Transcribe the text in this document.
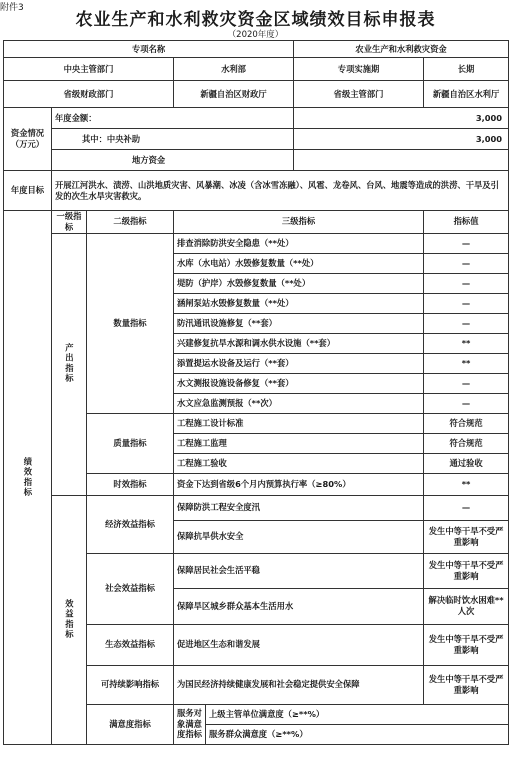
附件3
农业生产和水利救灾资金区域绩效目标申报表
（2020年度）
专项名称					农业生产和水利救灾资金		
中央主管部门			水利部		专项实施期	长期	
省级财政部门			新疆自治区财政厅		省级主管部门	新疆自治区水利厅	
资金情况（万元）	年度金额：				3,000		
	其中：中央补助				3,000		
	地方资金						
年度目标	开展江河洪水、渍涝、山洪地质灾害、风暴潮、冰凌（含冰雪冻融）、风雹、龙卷风、台风、地震等造成的洪涝、干旱及引发的次生水旱灾害救灾。						
绩效指标	一级指标	二级指标	三级指标			指标值	
	产出指标	数量指标	排查消除防洪安全隐患（**处）			—	
			水库（水电站）水毁修复数量（**处）			—	
			堤防（护岸）水毁修复数量（**处）			—	
			涵闸泵站水毁修复数量（**处）			—	
			防汛通讯设施修复（**套）			—	
			兴建修复抗旱水源和调水供水设施（**套）			**	
			添置提运水设备及运行（**套）			**	
			水文测报设施设备修复（**套）			—	
			水文应急监测预报（**次）			—	
		质量指标	工程施工设计标准			符合规范	
			工程施工监理			符合规范	
			工程施工验收			通过验收	
		时效指标	资金下达到省级6个月内预算执行率（≥80%）			**	
	效益指标	经济效益指标	保障防洪工程安全度汛			—	
			保障抗旱供水安全			发生中等干旱不受严重影响	
		社会效益指标	保障居民社会生活平稳			发生中等干旱不受严重影响	
			保障旱区城乡群众基本生活用水			解决临时饮水困难**人次	
		生态效益指标	促进地区生态和谐发展			发生中等干旱不受严重影响	
		可持续影响指标	为国民经济持续健康发展和社会稳定提供安全保障			发生中等干旱不受严重影响	
		满意度指标	服务对象满意度指标	上级主管单位满意度（≥**%）	
				服务群众满意度（≥**%）	
